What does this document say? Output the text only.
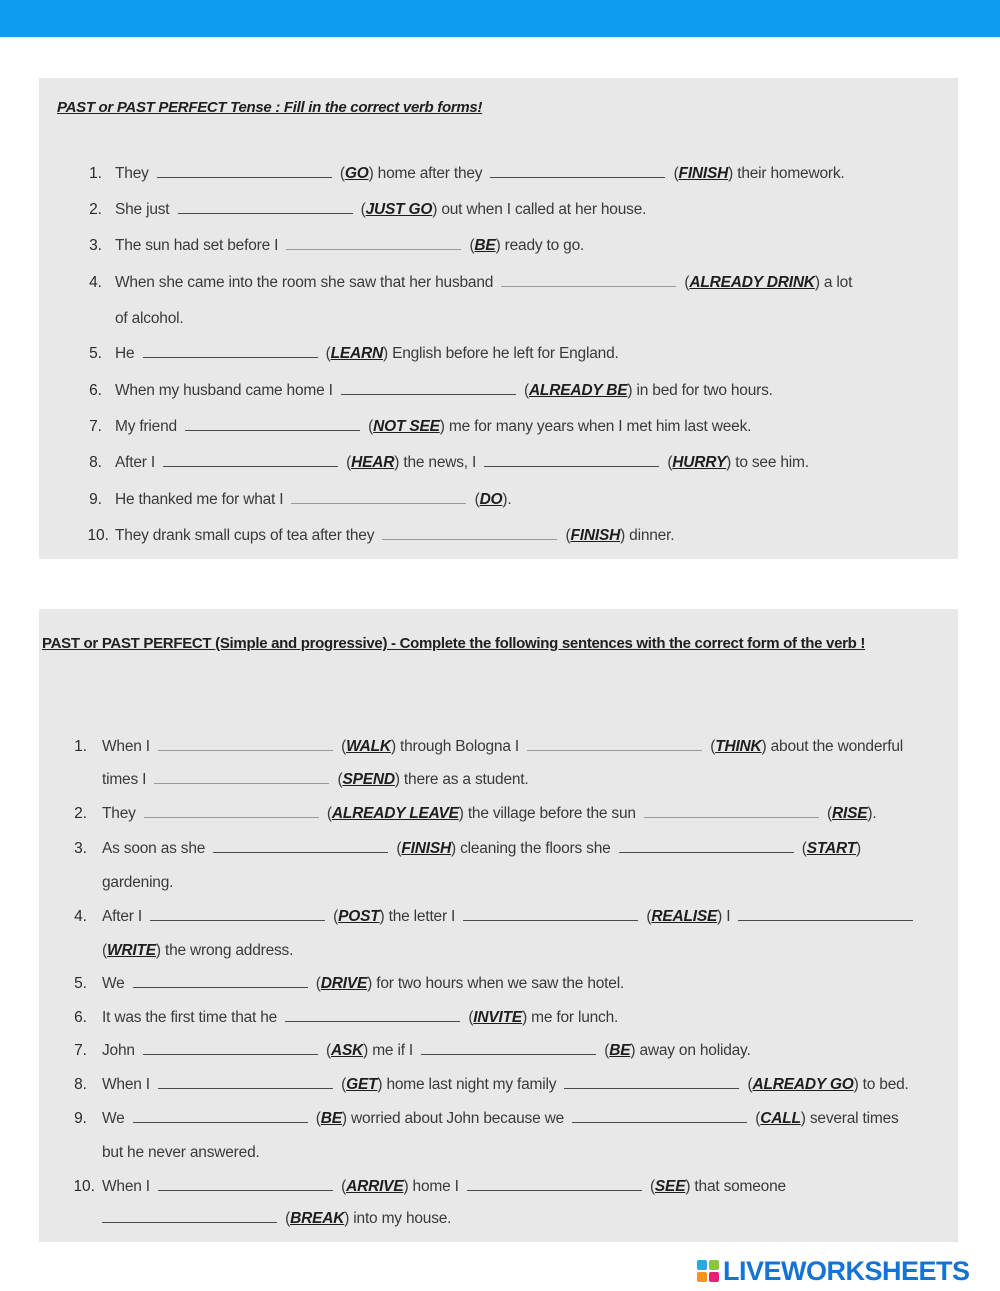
PAST or PAST PERFECT Tense : Fill in the correct verb forms!
1. They	(GO) home after they	(FINISH) their homework.
2. She just	(JUST GO) out when I called at her house.
3. The sun had set before I	(BE) ready to go.
4. When she came into the room she saw that her husband	(ALREADY DRINK) a lot
of alcohol.
5. He	(LEARN) English before he left for England.
6. When my husband came home I	(ALREADY BE) in bed for two hours.
7. My friend	(NOT SEE) me for many years when I met him last week.
8. After I	(HEAR) the news, I	(HURRY) to see him.
9. He thanked me for what I	(DO).
10. They drank small cups of tea after they	(FINISH) dinner.
PAST or PAST PERFECT (Simple and progressive) - Complete the following sentences with the correct form of the verb !
1. When I	(WALK) through Bologna I	(THINK) about the wonderful
times I	(SPEND) there as a student.
2. They	(ALREADY LEAVE) the village before the sun	(RISE).
3. As soon as she	(FINISH) cleaning the floors she	(START)
gardening.
4. After I	(POST) the letter I	(REALISE) I
(WRITE) the wrong address.
5. We	(DRIVE) for two hours when we saw the hotel.
6. It was the first time that he	(INVITE) me for lunch.
7. John	(ASK) me if I	(BE) away on holiday.
8. When I	(GET) home last night my family	(ALREADY GO) to bed.
9. We	(BE) worried about John because we	(CALL) several times
but he never answered.
10. When I	(ARRIVE) home I	(SEE) that someone
(BREAK) into my house.
LIVEWORKSHEETS
